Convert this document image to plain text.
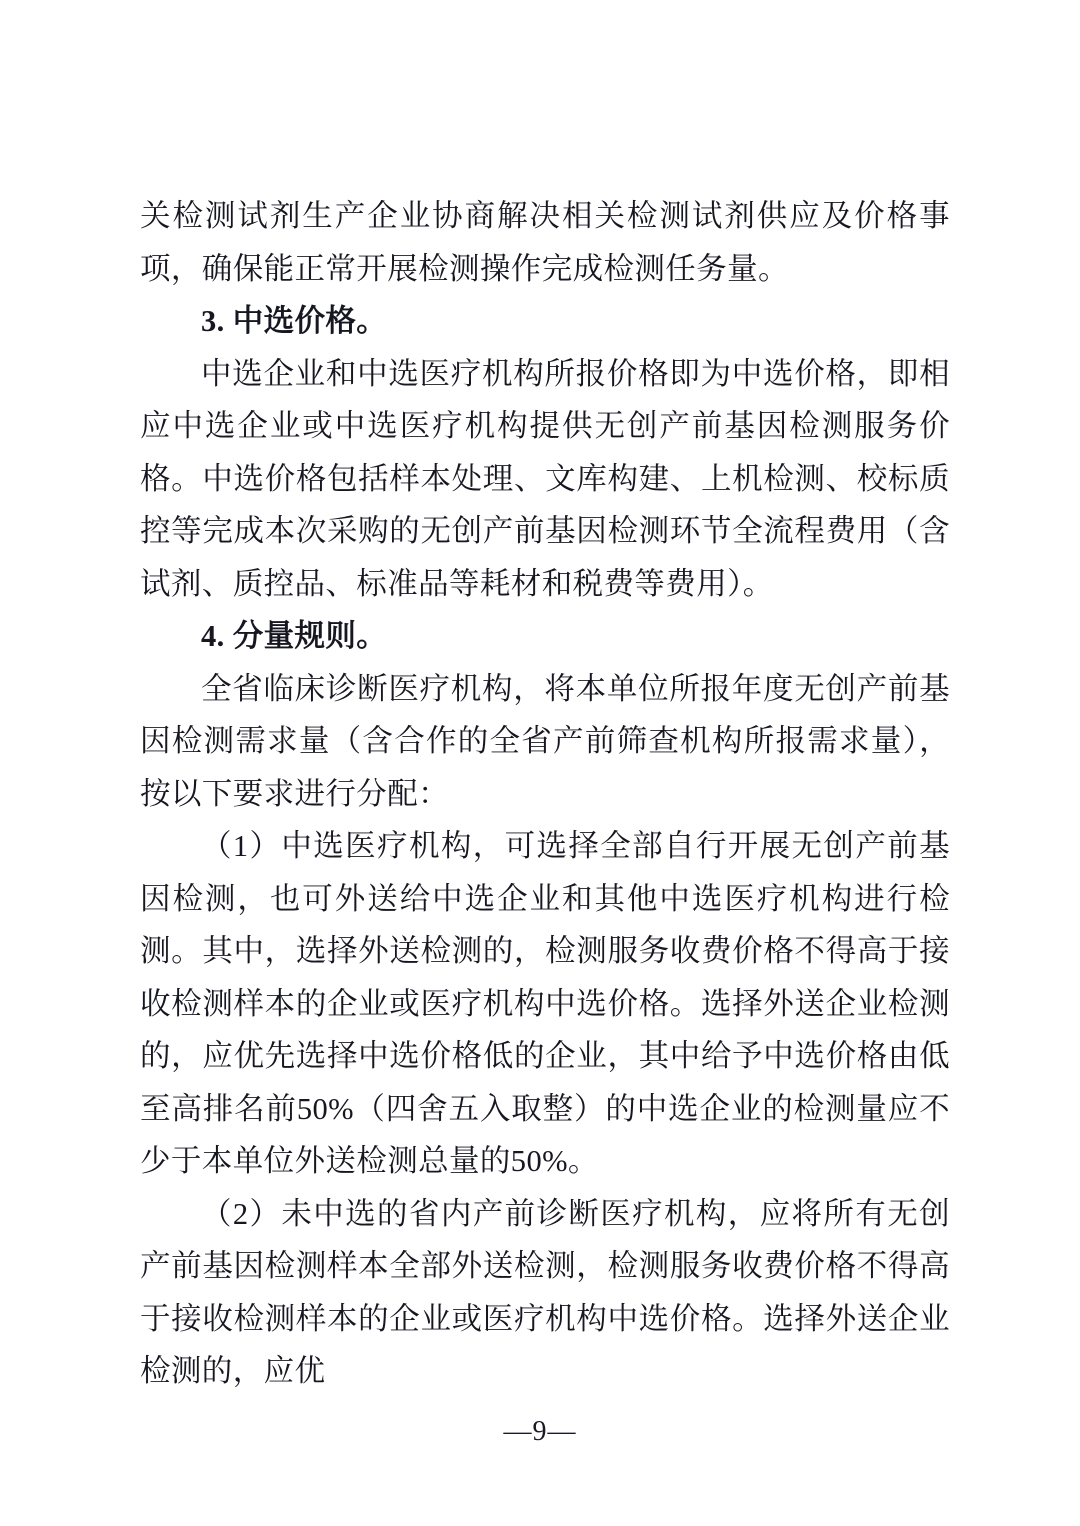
关检测试剂生产企业协商解决相关检测试剂供应及价格事项，确保能正常开展检测操作完成检测任务量。

3. 中选价格。

中选企业和中选医疗机构所报价格即为中选价格，即相应中选企业或中选医疗机构提供无创产前基因检测服务价格。中选价格包括样本处理、文库构建、上机检测、校标质控等完成本次采购的无创产前基因检测环节全流程费用（含试剂、质控品、标准品等耗材和税费等费用）。

4. 分量规则。

全省临床诊断医疗机构，将本单位所报年度无创产前基因检测需求量（含合作的全省产前筛查机构所报需求量），按以下要求进行分配：

（1）中选医疗机构，可选择全部自行开展无创产前基因检测，也可外送给中选企业和其他中选医疗机构进行检测。其中，选择外送检测的，检测服务收费价格不得高于接收检测样本的企业或医疗机构中选价格。选择外送企业检测的，应优先选择中选价格低的企业，其中给予中选价格由低至高排名前50%（四舍五入取整）的中选企业的检测量应不少于本单位外送检测总量的50%。

（2）未中选的省内产前诊断医疗机构，应将所有无创产前基因检测样本全部外送检测，检测服务收费价格不得高于接收检测样本的企业或医疗机构中选价格。选择外送企业检测的，应优

—9—
